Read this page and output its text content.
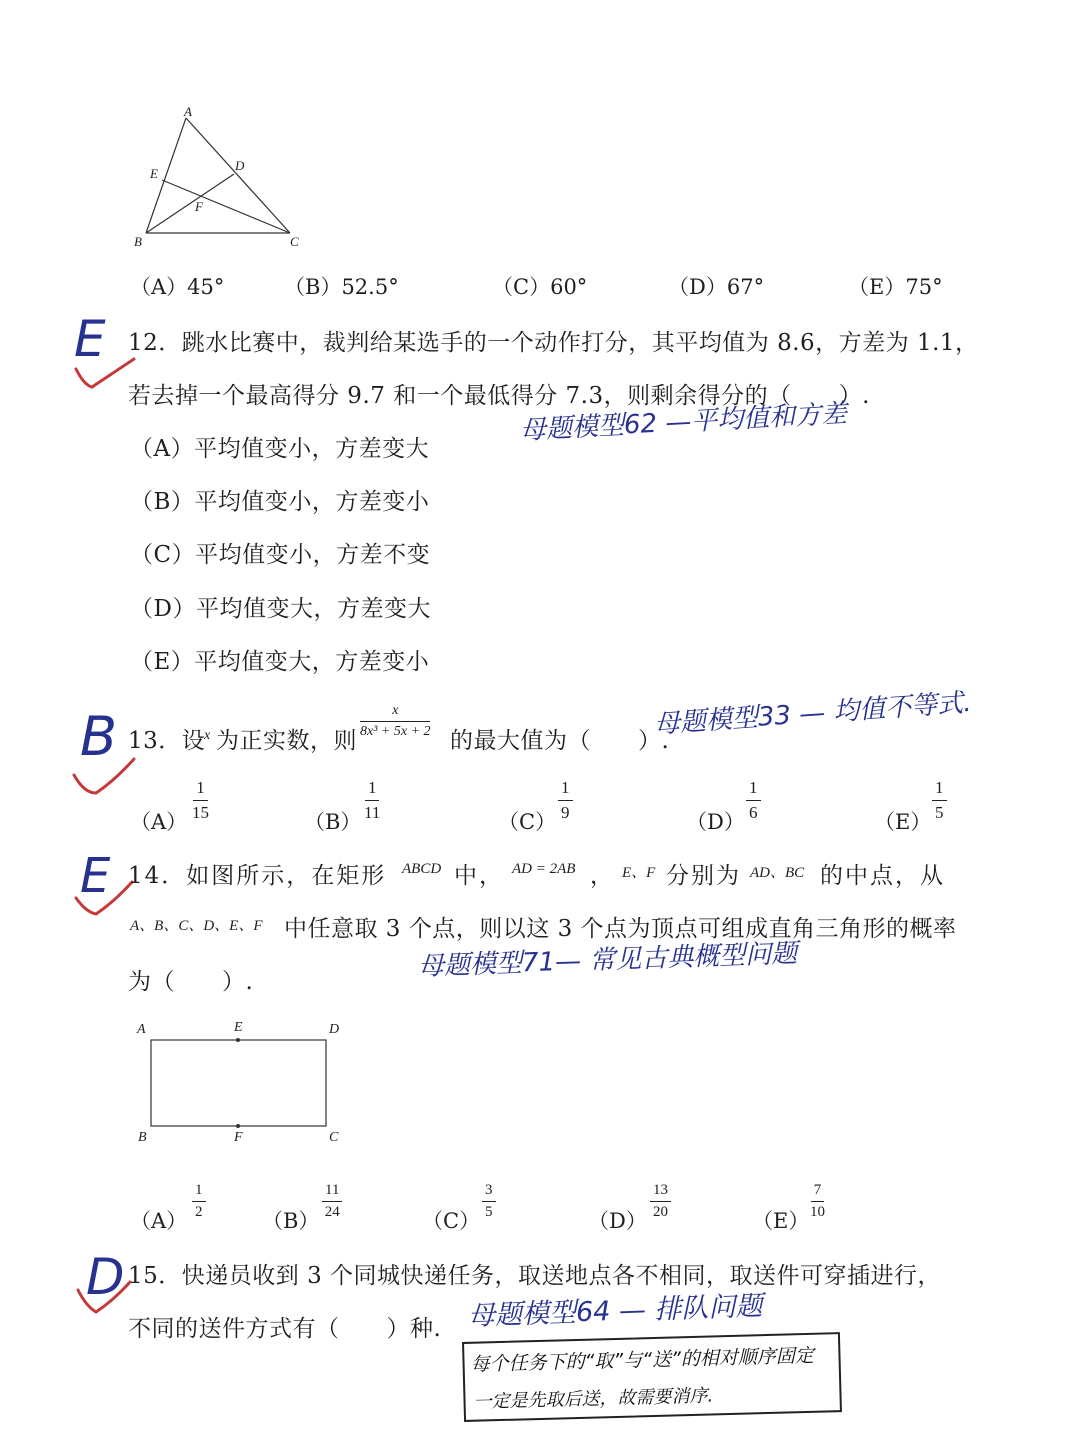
A
B	C
D
E
F
（A）45°	（B）52.5°	（C）60°	（D）67°	（E）75°
E 12．跳水比赛中，裁判给某选手的一个动作打分，其平均值为 8.6，方差为 1.1，
若去掉一个最高得分 9.7 和一个最低得分 7.3，则剩余得分的（　　）.
母题模型62 —平均值和方差
（A）平均值变小，方差变大
（B）平均值变小，方差变小
（C）平均值变小，方差不变
（D）平均值变大，方差变大
（E）平均值变大，方差变小
B 13．设
x 为正实数，则
$\frac{x}{\text{8x³ + 5x + 2}}$
的最大值为（　　）.
母题模型33 — 均值不等式.
$(A) \frac{1}{15}$	$(B) \frac{1}{11}$	$(C) \frac{1}{9}$	$(D) \frac{1}{6}$	$(E) \frac{1}{5}$
E 14．如图所示，在矩形 ABCD 中， AD = 2AB ， E、F 分别为 AD、BC 的中点，从
A、B、C、D、E、F 中任意取 3 个点，则以这 3 个点为顶点可组成直角三角形的概率
为（　　）.
母题模型71— 常见古典概型问题
A	E	D
B	F	C
$(A) \frac{1}{2}$	$(B) \frac{11}{24}$	$(C) \frac{3}{5}$	$(D) \frac{13}{20}$	$(E) \frac{7}{10}$
D 15．快递员收到 3 个同城快递任务，取送地点各不相同，取送件可穿插进行，
不同的送件方式有（　　）种. 母题模型64 — 排队问题
每个任务下的“取”与“送”的相对顺序固定
一定是先取后送，故需要消序.
